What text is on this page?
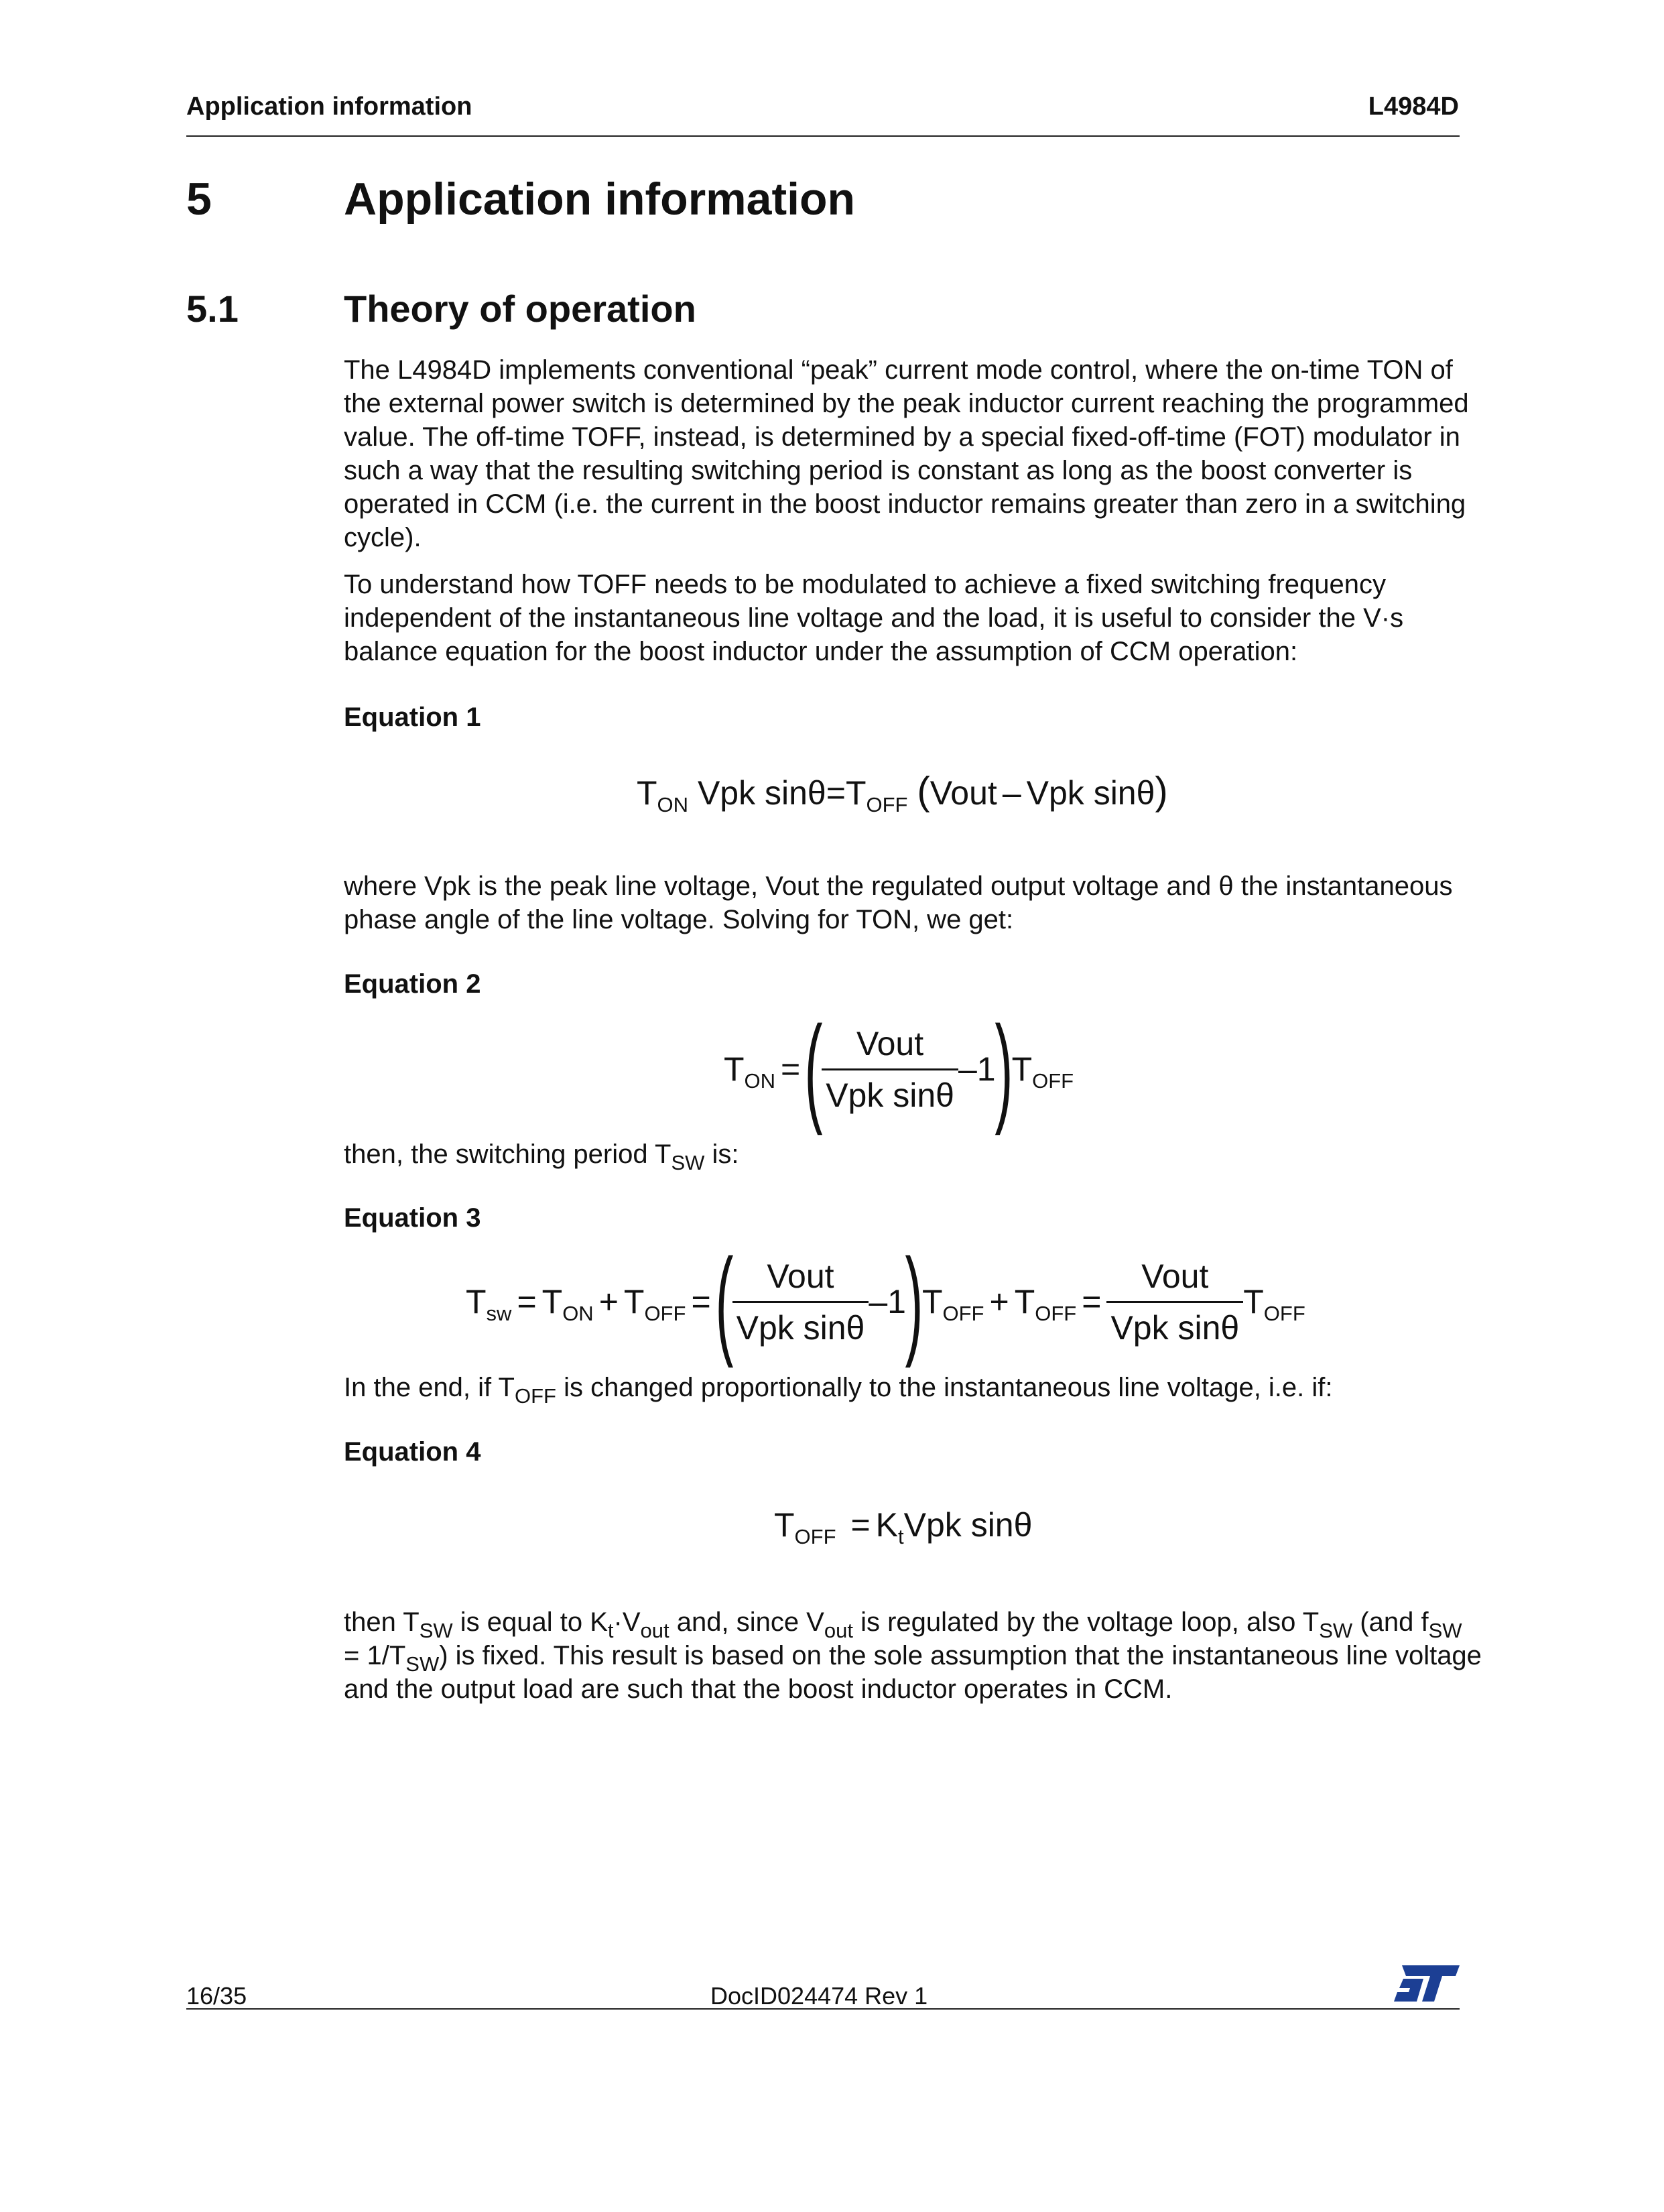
Application information	L4984D
5	Application information
5.1	Theory of operation

The L4984D implements conventional “peak” current mode control, where the on-time TON of the external power switch is determined by the peak inductor current reaching the programmed value. The off-time TOFF, instead, is determined by a special fixed-off-time (FOT) modulator in such a way that the resulting switching period is constant as long as the boost converter is operated in CCM (i.e. the current in the boost inductor remains greater than zero in a switching cycle).

To understand how TOFF needs to be modulated to achieve a fixed switching frequency independent of the instantaneous line voltage and the load, it is useful to consider the V·s balance equation for the boost inductor under the assumption of CCM operation:

Equation 1
$T_{ON}$ Vpk $\sin\theta=T_{OFF}$ (Vout – Vpk sinθ)

where Vpk is the peak line voltage, Vout the regulated output voltage and θ the instantaneous phase angle of the line voltage. Solving for TON, we get:

Equation 2
$T_{ON}$ = (
$\frac{\text{Vout}}{\text{Vpk sinθ}} -1$
)
$T_{OFF}$

then, the switching period $T_{SW}$ is:

Equation 3
$T_{sw} = T_{ON} + T_{OFF}$ = (
$\frac{\text{Vout}}{\text{Vpk sinθ}} -1$
)
$T_{OFF} + T_{OFF} = \frac{\text{Vout}}{\text{Vpk sinθ}} T_{OFF}$

In the end, if $T_{OFF}$ is changed proportionally to the instantaneous line voltage, i.e. if:

Equation 4
$T_{OFF} = K_tVpk$ sinθ

then $T_{SW}$ is equal to $K_t\cdot V_{out}$ and, since $V_{out}$ is regulated by the voltage loop, also $T_{SW}$ (and $f_{SW} = 1/T_{SW}$) is fixed. This result is based on the sole assumption that the instantaneous line voltage and the output load are such that the boost inductor operates in CCM.

16/35	DocID024474 Rev 1
